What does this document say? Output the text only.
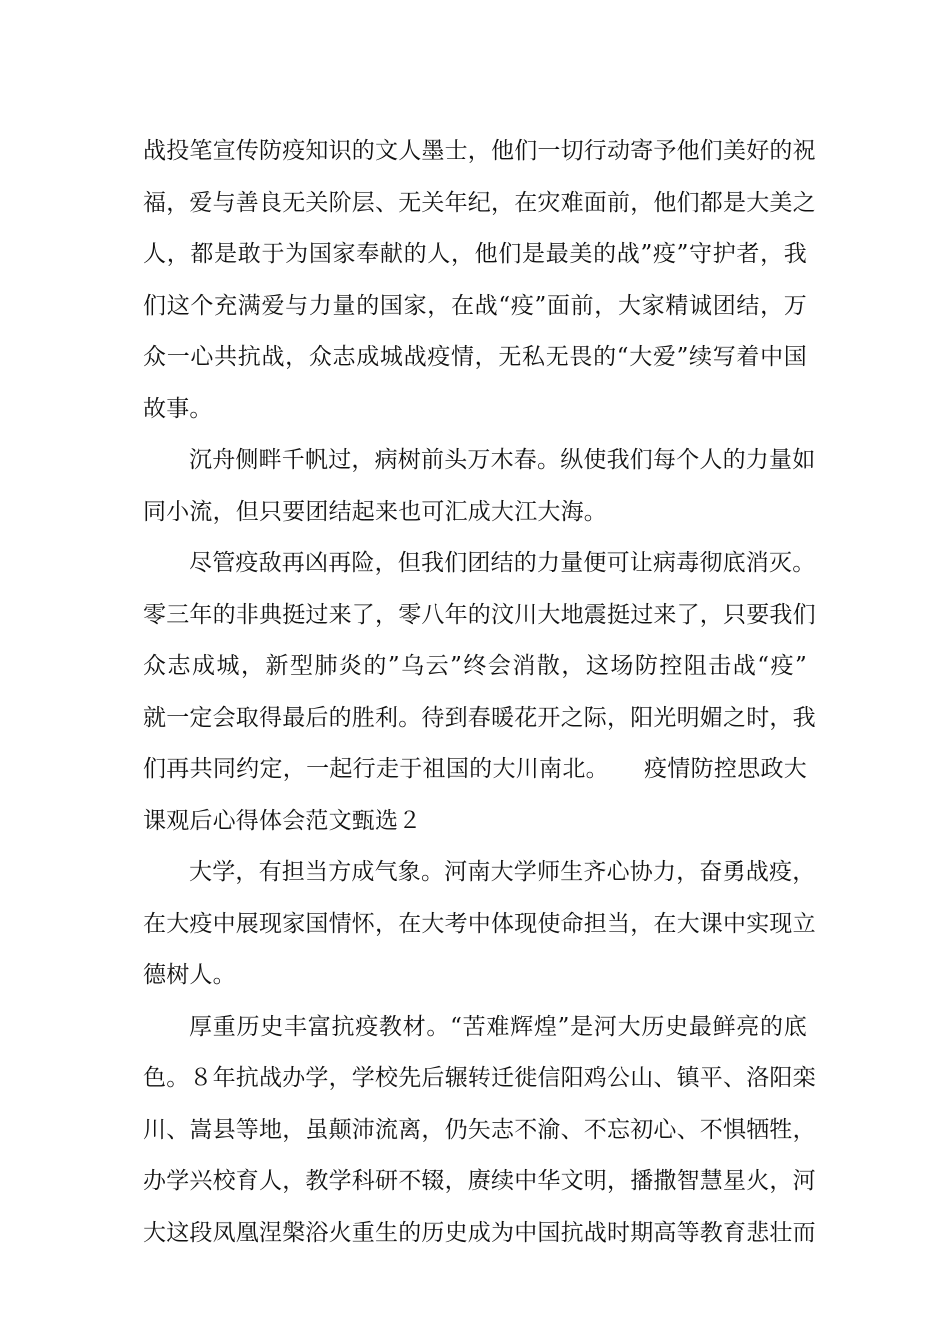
战投笔宣传防疫知识的文人墨士，他们一切行动寄予他们美好的祝
福，爱与善良无关阶层、无关年纪，在灾难面前，他们都是大美之
人，都是敢于为国家奉献的人，他们是最美的战”疫”守护者，我
们这个充满爱与力量的国家，在战“疫”面前，大家精诚团结，万
众一心共抗战，众志成城战疫情，无私无畏的“大爱”续写着中国
故事。
沉舟侧畔千帆过，病树前头万木春。纵使我们每个人的力量如
同小流，但只要团结起来也可汇成大江大海。
尽管疫敌再凶再险，但我们团结的力量便可让病毒彻底消灭。
零三年的非典挺过来了，零八年的汶川大地震挺过来了，只要我们
众志成城，新型肺炎的”乌云”终会消散，这场防控阻击战“疫”
就一定会取得最后的胜利。待到春暖花开之际，阳光明媚之时，我
们再共同约定，一起行走于祖国的大川南北。　　疫情防控思政大
课观后心得体会范文甄选２
大学，有担当方成气象。河南大学师生齐心协力，奋勇战疫，
在大疫中展现家国情怀，在大考中体现使命担当，在大课中实现立
德树人。
厚重历史丰富抗疫教材。“苦难辉煌”是河大历史最鲜亮的底
色。８年抗战办学，学校先后辗转迁徙信阳鸡公山、镇平、洛阳栾
川、嵩县等地，虽颠沛流离，仍矢志不渝、不忘初心、不惧牺牲，
办学兴校育人，教学科研不辍，赓续中华文明，播撒智慧星火，河
大这段凤凰涅槃浴火重生的历史成为中国抗战时期高等教育悲壮而
